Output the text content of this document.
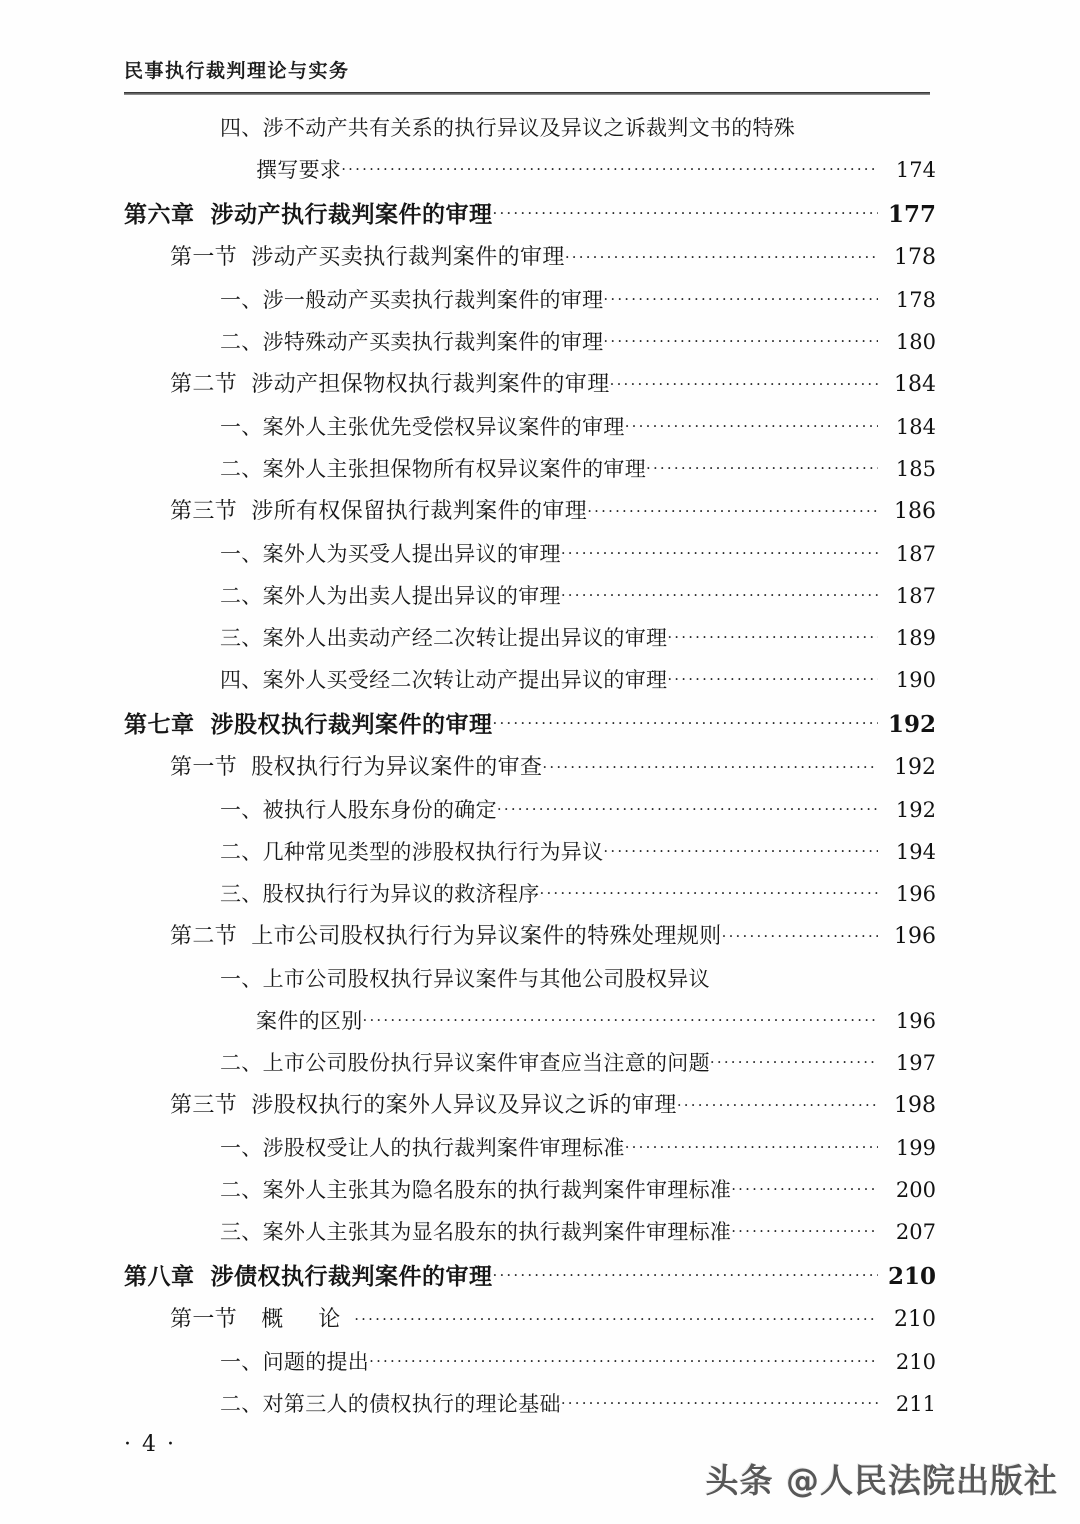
民事执行裁判理论与实务
四、涉不动产共有关系的执行异议及异议之诉裁判文书的特殊
撰写要求 ·····	174
第六章 涉动产执行裁判案件的审理 ·····	177
第一节 涉动产买卖执行裁判案件的审理 ·····	178
一、涉一般动产买卖执行裁判案件的审理 ·····	178
二、涉特殊动产买卖执行裁判案件的审理 ·····	180
第二节 涉动产担保物权执行裁判案件的审理 ·····	184
一、案外人主张优先受偿权异议案件的审理 ·····	184
二、案外人主张担保物所有权异议案件的审理 ·····	185
第三节 涉所有权保留执行裁判案件的审理 ·····	186
一、案外人为买受人提出异议的审理 ·····	187
二、案外人为出卖人提出异议的审理 ·····	187
三、案外人出卖动产经二次转让提出异议的审理 ·····	189
四、案外人买受经二次转让动产提出异议的审理 ·····	190
第七章 涉股权执行裁判案件的审理 ·····	192
第一节 股权执行行为异议案件的审查 ·····	192
一、被执行人股东身份的确定 ·····	192
二、几种常见类型的涉股权执行行为异议 ·····	194
三、股权执行行为异议的救济程序 ·····	196
第二节 上市公司股权执行行为异议案件的特殊处理规则 ·····	196
一、上市公司股权执行异议案件与其他公司股权异议
案件的区别 ·····	196
二、上市公司股份执行异议案件审查应当注意的问题 ·····	197
第三节 涉股权执行的案外人异议及异议之诉的审理 ·····	198
一、涉股权受让人的执行裁判案件审理标准 ·····	199
二、案外人主张其为隐名股东的执行裁判案件审理标准 ·····	200
三、案外人主张其为显名股东的执行裁判案件审理标准 ·····	207
第八章 涉债权执行裁判案件的审理 ·····	210
第一节 概 论 ·····	210
一、问题的提出 ·····	210
二、对第三人的债权执行的理论基础 ·····	211
· 4 ·
头条 @人民法院出版社
